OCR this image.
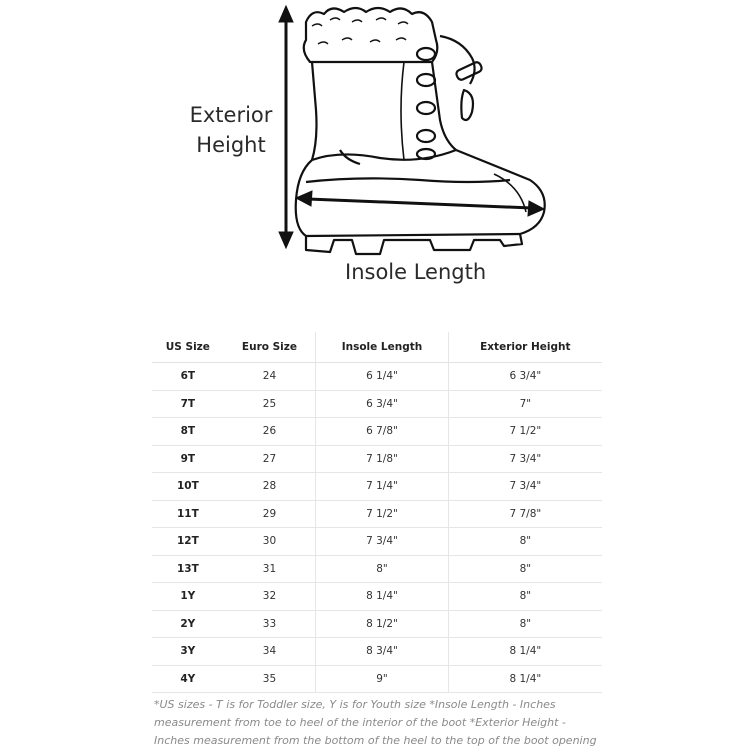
Exterior
Height
Insole Length
US Size	Euro Size	Insole Length	Exterior Height
6T	24	6 1/4"	6 3/4"
7T	25	6 3/4"	7"
8T	26	6 7/8"	7 1/2"
9T	27	7 1/8"	7 3/4"
10T	28	7 1/4"	7 3/4"
11T	29	7 1/2"	7 7/8"
12T	30	7 3/4"	8"
13T	31	8"	8"
1Y	32	8 1/4"	8"
2Y	33	8 1/2"	8"
3Y	34	8 3/4"	8 1/4"
4Y	35	9"	8 1/4"
*US sizes - T is for Toddler size, Y is for Youth size *Insole Length - Inches measurement from toe to heel of the interior of the boot *Exterior Height - Inches measurement from the bottom of the heel to the top of the boot opening
